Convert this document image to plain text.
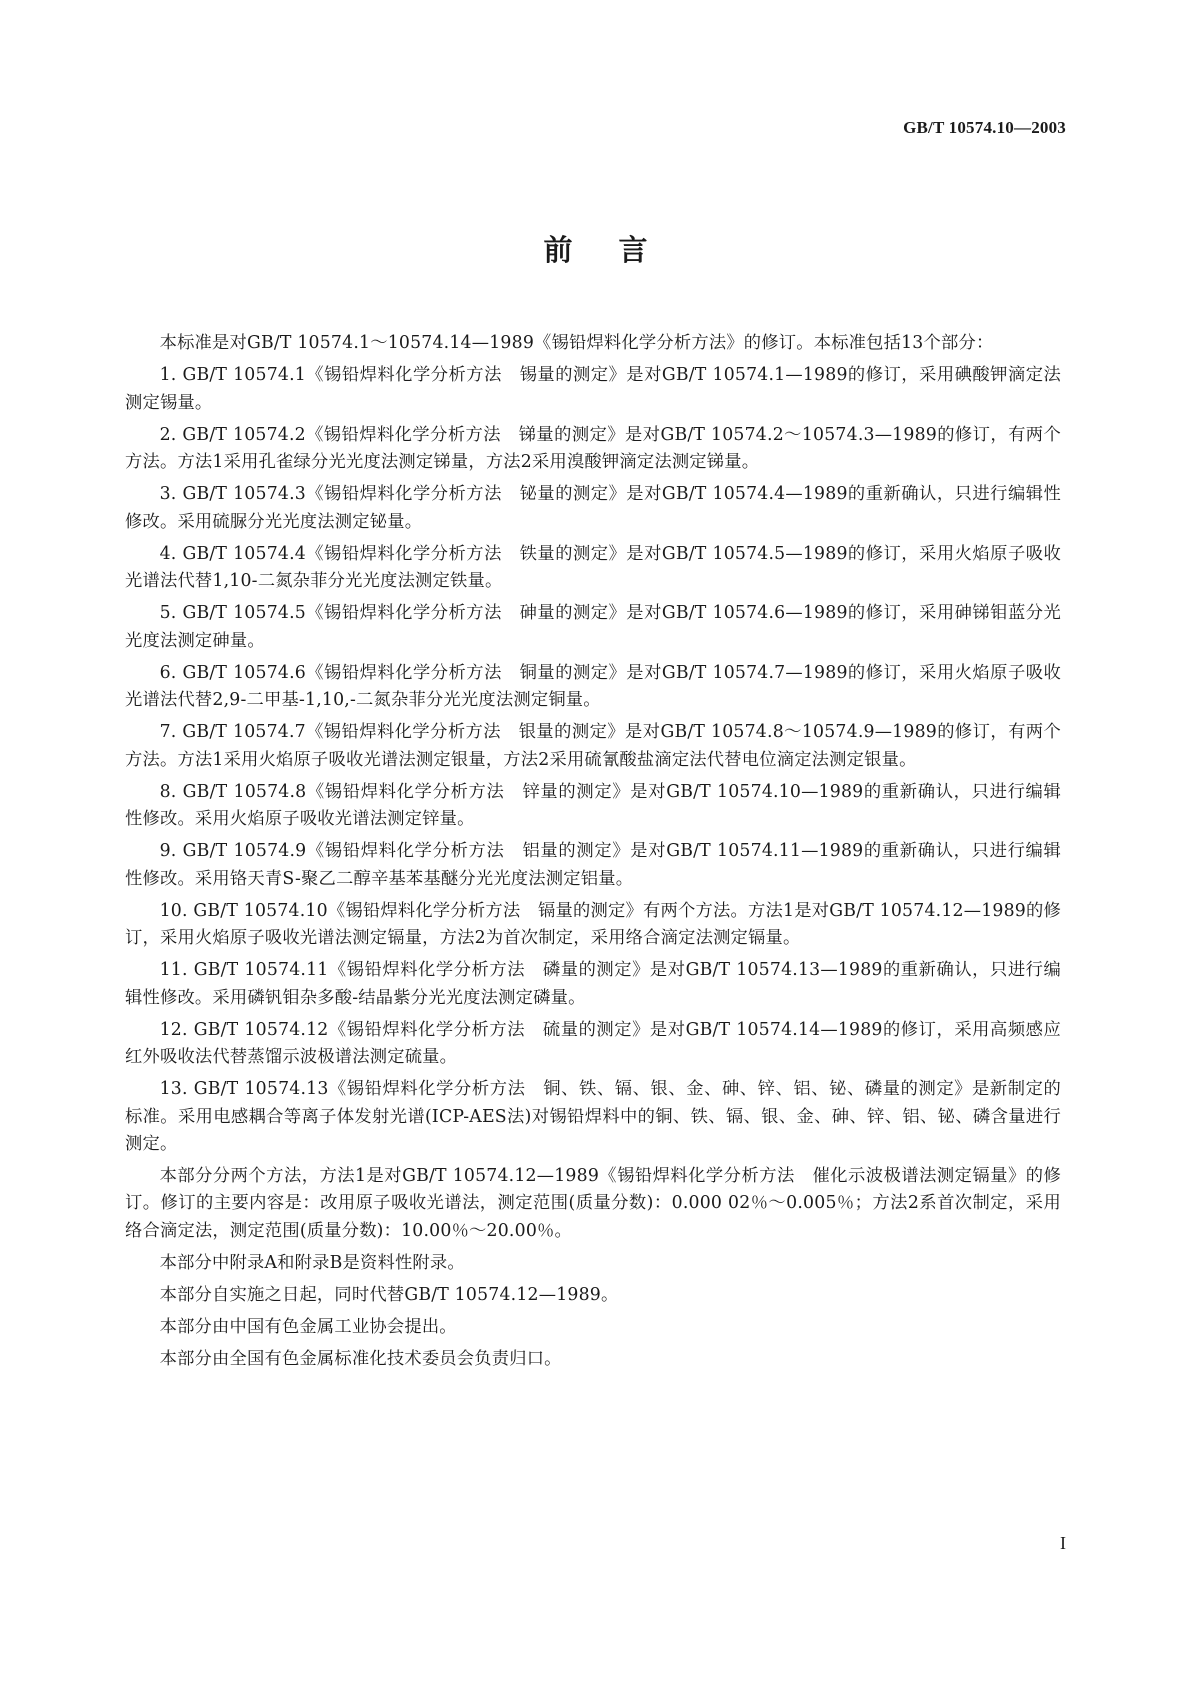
GB/T 10574.10—2003
前言

本标准是对GB/T 10574.1～10574.14—1989《锡铅焊料化学分析方法》的修订。本标准包括13个部分：

1. GB/T 10574.1《锡铅焊料化学分析方法　锡量的测定》是对GB/T 10574.1—1989的修订，采用碘酸钾滴定法测定锡量。

2. GB/T 10574.2《锡铅焊料化学分析方法　锑量的测定》是对GB/T 10574.2～10574.3—1989的修订，有两个方法。方法1采用孔雀绿分光光度法测定锑量，方法2采用溴酸钾滴定法测定锑量。

3. GB/T 10574.3《锡铅焊料化学分析方法　铋量的测定》是对GB/T 10574.4—1989的重新确认，只进行编辑性修改。采用硫脲分光光度法测定铋量。

4. GB/T 10574.4《锡铅焊料化学分析方法　铁量的测定》是对GB/T 10574.5—1989的修订，采用火焰原子吸收光谱法代替1,10-二氮杂菲分光光度法测定铁量。

5. GB/T 10574.5《锡铅焊料化学分析方法　砷量的测定》是对GB/T 10574.6—1989的修订，采用砷锑钼蓝分光光度法测定砷量。

6. GB/T 10574.6《锡铅焊料化学分析方法　铜量的测定》是对GB/T 10574.7—1989的修订，采用火焰原子吸收光谱法代替2,9-二甲基-1,10,-二氮杂菲分光光度法测定铜量。

7. GB/T 10574.7《锡铅焊料化学分析方法　银量的测定》是对GB/T 10574.8～10574.9—1989的修订，有两个方法。方法1采用火焰原子吸收光谱法测定银量，方法2采用硫氰酸盐滴定法代替电位滴定法测定银量。

8. GB/T 10574.8《锡铅焊料化学分析方法　锌量的测定》是对GB/T 10574.10—1989的重新确认，只进行编辑性修改。采用火焰原子吸收光谱法测定锌量。

9. GB/T 10574.9《锡铅焊料化学分析方法　铝量的测定》是对GB/T 10574.11—1989的重新确认，只进行编辑性修改。采用铬天青S-聚乙二醇辛基苯基醚分光光度法测定铝量。

10. GB/T 10574.10《锡铅焊料化学分析方法　镉量的测定》有两个方法。方法1是对GB/T 10574.12—1989的修订，采用火焰原子吸收光谱法测定镉量，方法2为首次制定，采用络合滴定法测定镉量。

11. GB/T 10574.11《锡铅焊料化学分析方法　磷量的测定》是对GB/T 10574.13—1989的重新确认，只进行编辑性修改。采用磷钒钼杂多酸-结晶紫分光光度法测定磷量。

12. GB/T 10574.12《锡铅焊料化学分析方法　硫量的测定》是对GB/T 10574.14—1989的修订，采用高频感应红外吸收法代替蒸馏示波极谱法测定硫量。

13. GB/T 10574.13《锡铅焊料化学分析方法　铜、铁、镉、银、金、砷、锌、铝、铋、磷量的测定》是新制定的标准。采用电感耦合等离子体发射光谱(ICP-AES法)对锡铅焊料中的铜、铁、镉、银、金、砷、锌、铝、铋、磷含量进行测定。

本部分分两个方法，方法1是对GB/T 10574.12—1989《锡铅焊料化学分析方法　催化示波极谱法测定镉量》的修订。修订的主要内容是：改用原子吸收光谱法，测定范围(质量分数)：0.000 02％～0.005％；方法2系首次制定，采用络合滴定法，测定范围(质量分数)：10.00％～20.00％。

本部分中附录A和附录B是资料性附录。

本部分自实施之日起，同时代替GB/T 10574.12—1989。

本部分由中国有色金属工业协会提出。

本部分由全国有色金属标准化技术委员会负责归口。

I
